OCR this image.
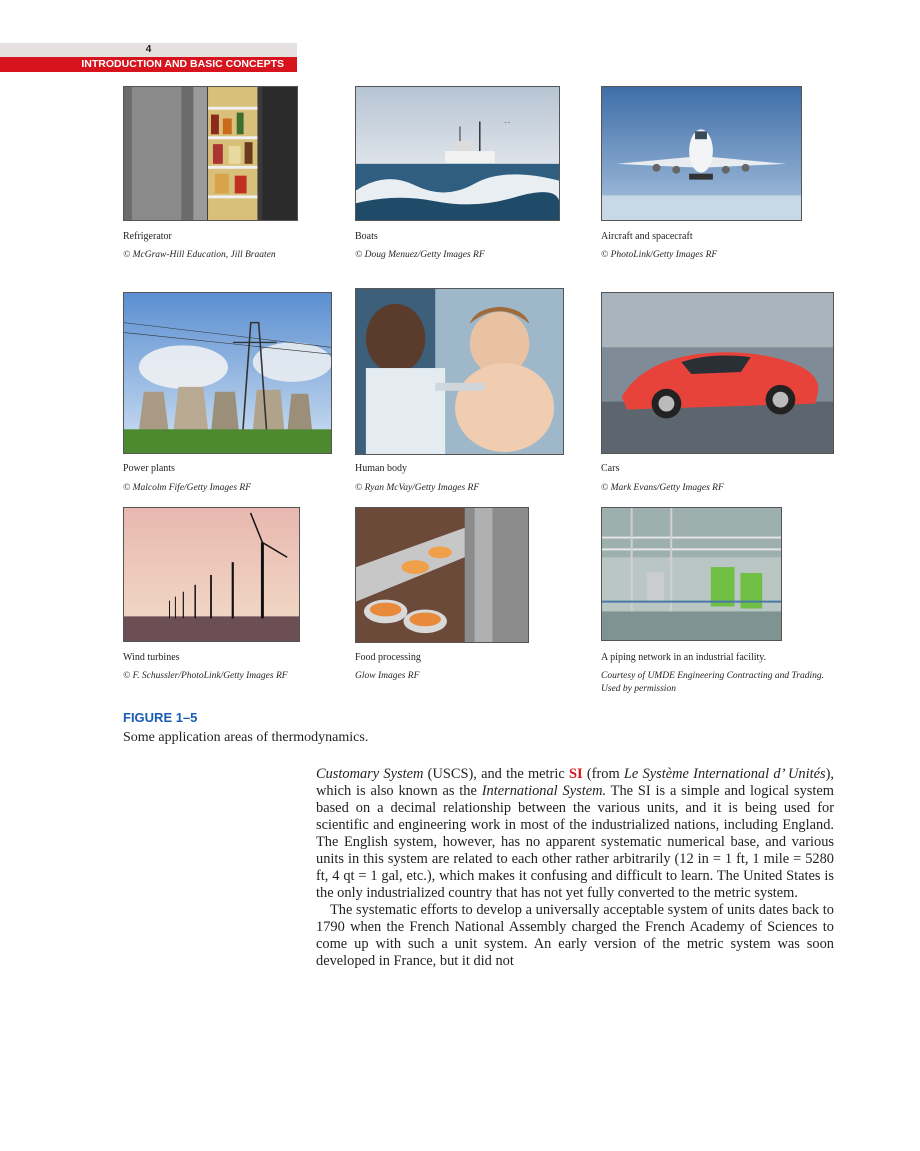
4
INTRODUCTION AND BASIC CONCEPTS
Refrigerator
© McGraw-Hill Education, Jill Braaten
ˇ ˇ
Boats
© Doug Menuez/Getty Images RF
Aircraft and spacecraft
© PhotoLink/Getty Images RF
Power plants
© Malcolm Fife/Getty Images RF
Human body
© Ryan McVay/Getty Images RF
Cars
© Mark Evans/Getty Images RF
Wind turbines
© F. Schussler/PhotoLink/Getty Images RF
Food processing
Glow Images RF
A piping network in an industrial facility.
Courtesy of UMDE Engineering Contracting and Trading. Used by permission
FIGURE 1–5
Some application areas of thermodynamics.

Customary System (USCS), and the metric SI (from Le Système International d’ Unités), which is also known as the International System. The SI is a simple and logical system based on a decimal relationship between the various units, and it is being used for scientific and engineering work in most of the industrialized nations, including England. The English system, however, has no apparent systematic numerical base, and various units in this system are related to each other rather arbitrarily (12 in = 1 ft, 1 mile = 5280 ft, 4 qt = 1 gal, etc.), which makes it confusing and difficult to learn. The United States is the only industrialized country that has not yet fully converted to the metric system.

The systematic efforts to develop a universally acceptable system of units dates back to 1790 when the French National Assembly charged the French Academy of Sciences to come up with such a unit system. An early version of the metric system was soon developed in France, but it did not
